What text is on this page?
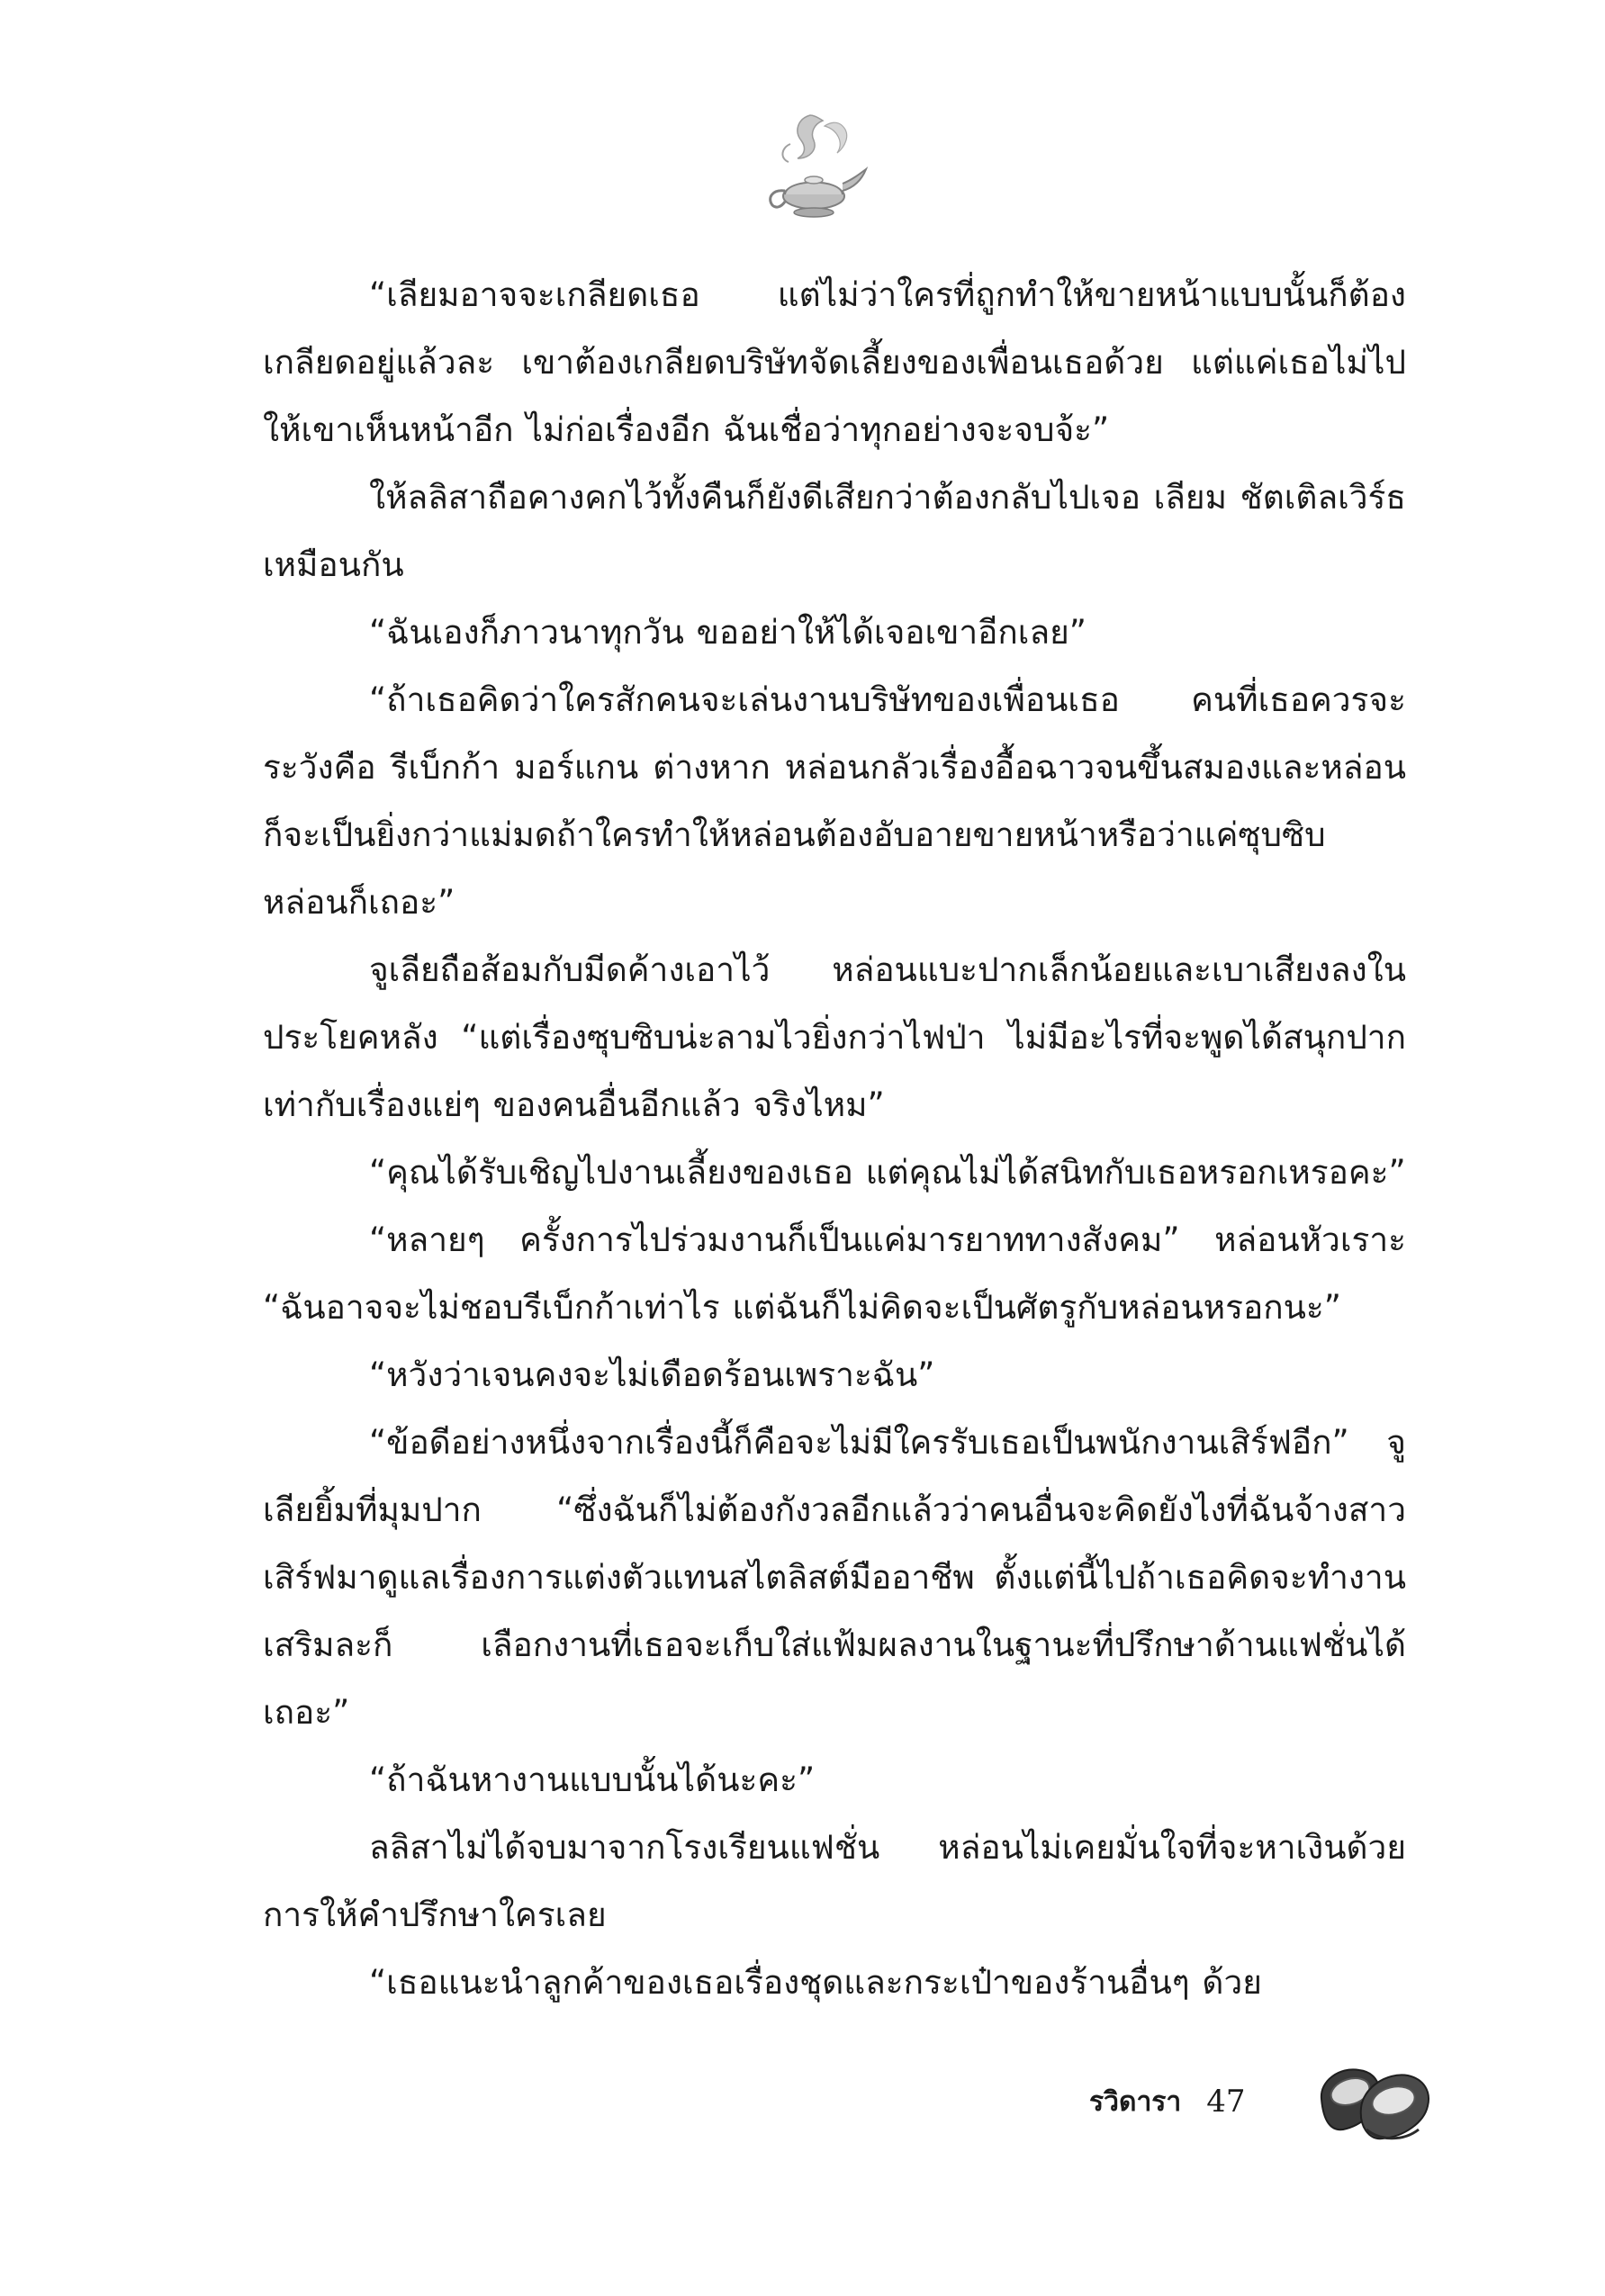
“เลียมอาจจะเกลียดเธอ แต่ไม่ว่าใครที่ถูกทำให้ขายหน้าแบบนั้นก็ต้องเกลียดอยู่แล้วละ เขาต้องเกลียดบริษัทจัดเลี้ยงของเพื่อนเธอด้วย แต่แค่เธอไม่ไปให้เขาเห็นหน้าอีก ไม่ก่อเรื่องอีก ฉันเชื่อว่าทุกอย่างจะจบจ้ะ”

ให้ลลิสาถือคางคกไว้ทั้งคืนก็ยังดีเสียกว่าต้องกลับไปเจอ เลียม ชัตเติลเวิร์ธ เหมือนกัน

“ฉันเองก็ภาวนาทุกวัน ขออย่าให้ได้เจอเขาอีกเลย”

“ถ้าเธอคิดว่าใครสักคนจะเล่นงานบริษัทของเพื่อนเธอ คนที่เธอควรจะระวังคือ รีเบ็กก้า มอร์แกน ต่างหาก หล่อนกลัวเรื่องอื้อฉาวจนขึ้นสมองและหล่อนก็จะเป็นยิ่งกว่าแม่มดถ้าใครทำให้หล่อนต้องอับอายขายหน้าหรือว่าแค่ซุบซิบหล่อนก็เถอะ”

จูเลียถือส้อมกับมีดค้างเอาไว้ หล่อนแบะปากเล็กน้อยและเบาเสียงลงในประโยคหลัง “แต่เรื่องซุบซิบน่ะลามไวยิ่งกว่าไฟป่า ไม่มีอะไรที่จะพูดได้สนุกปากเท่ากับเรื่องแย่ๆ ของคนอื่นอีกแล้ว จริงไหม”

“คุณได้รับเชิญไปงานเลี้ยงของเธอ แต่คุณไม่ได้สนิทกับเธอหรอกเหรอคะ”

“หลายๆ ครั้งการไปร่วมงานก็เป็นแค่มารยาททางสังคม” หล่อนหัวเราะ “ฉันอาจจะไม่ชอบรีเบ็กก้าเท่าไร แต่ฉันก็ไม่คิดจะเป็นศัตรูกับหล่อนหรอกนะ”

“หวังว่าเจนคงจะไม่เดือดร้อนเพราะฉัน”

“ข้อดีอย่างหนึ่งจากเรื่องนี้ก็คือจะไม่มีใครรับเธอเป็นพนักงานเสิร์ฟอีก” จูเลียยิ้มที่มุมปาก “ซึ่งฉันก็ไม่ต้องกังวลอีกแล้วว่าคนอื่นจะคิดยังไงที่ฉันจ้างสาวเสิร์ฟมาดูแลเรื่องการแต่งตัวแทนสไตลิสต์มืออาชีพ ตั้งแต่นี้ไปถ้าเธอคิดจะทำงานเสริมละก็ เลือกงานที่เธอจะเก็บใส่แฟ้มผลงานในฐานะที่ปรึกษาด้านแฟชั่นได้เถอะ”

“ถ้าฉันหางานแบบนั้นได้นะคะ”

ลลิสาไม่ได้จบมาจากโรงเรียนแฟชั่น หล่อนไม่เคยมั่นใจที่จะหาเงินด้วยการให้คำปรึกษาใครเลย

“เธอแนะนำลูกค้าของเธอเรื่องชุดและกระเป๋าของร้านอื่นๆ ด้วย

รวิดารา 47
